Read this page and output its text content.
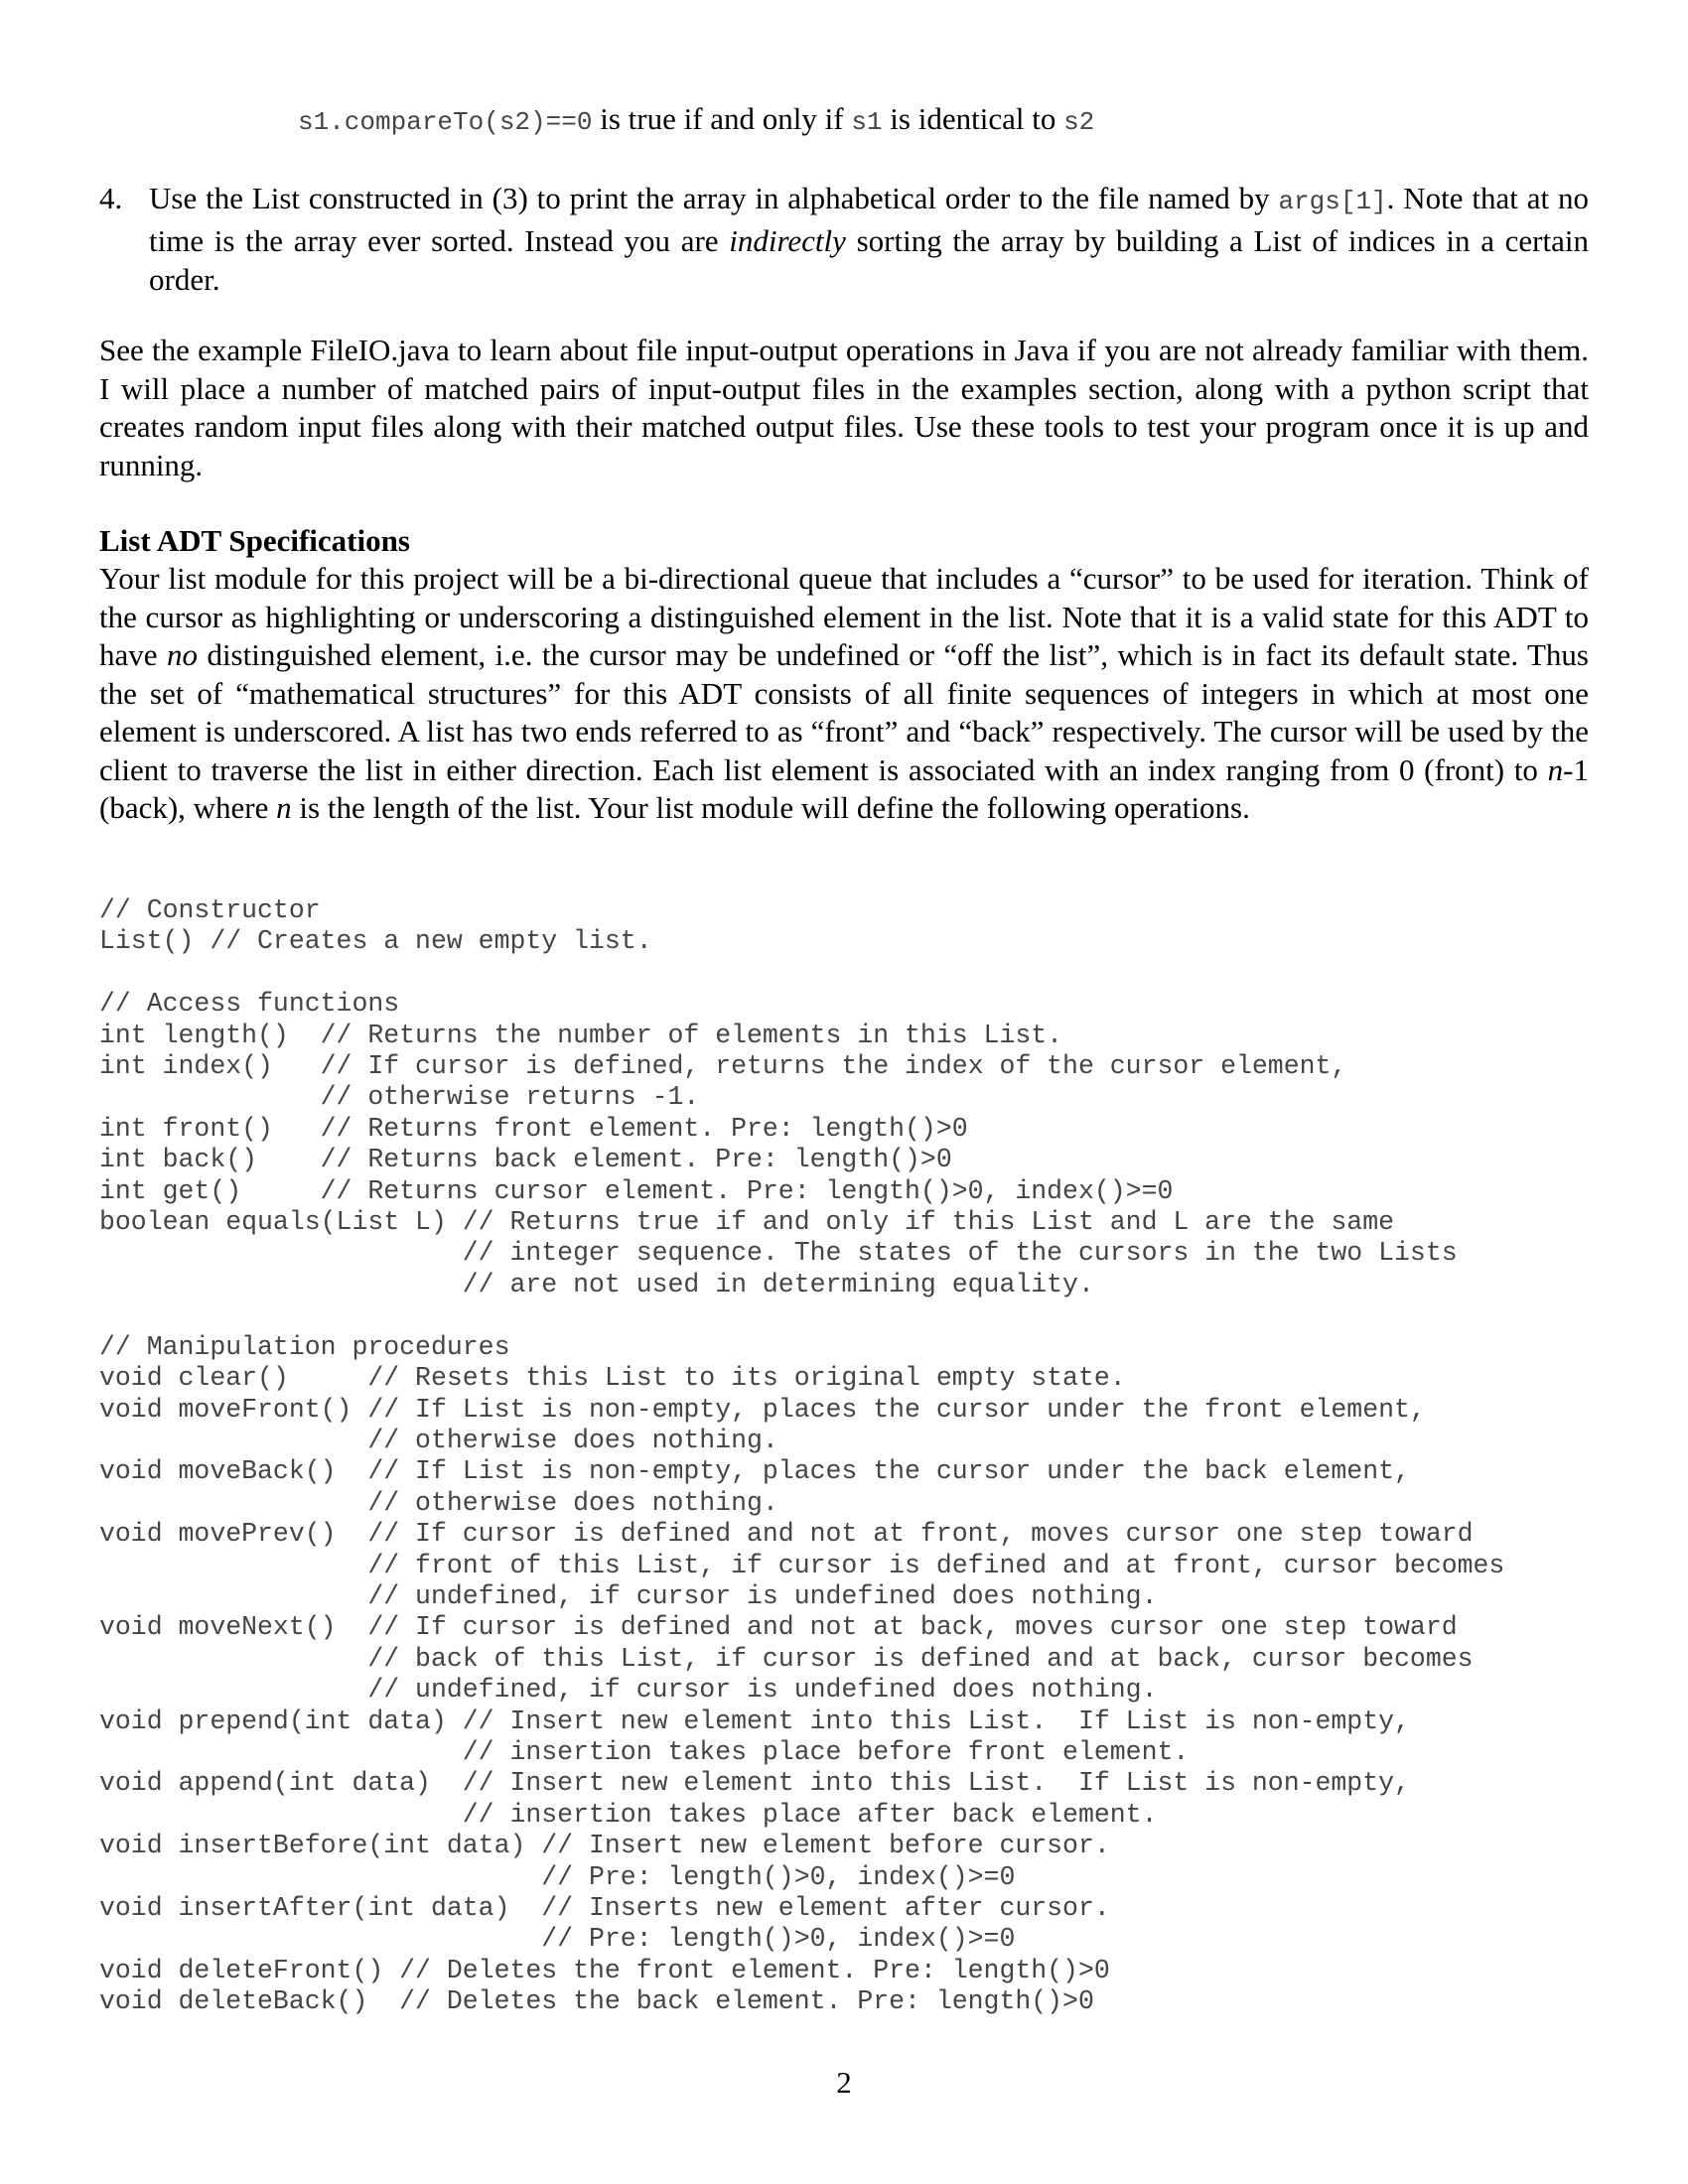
s1.compareTo(s2)==0 is true if and only if s1 is identical to s2
4. Use the List constructed in (3) to print the array in alphabetical order to the file named by args[1]. Note that at no time is the array ever sorted. Instead you are indirectly sorting the array by building a List of indices in a certain order.
See the example FileIO.java to learn about file input-output operations in Java if you are not already familiar with them. I will place a number of matched pairs of input-output files in the examples section, along with a python script that creates random input files along with their matched output files. Use these tools to test your program once it is up and running.
List ADT Specifications
Your list module for this project will be a bi-directional queue that includes a “cursor” to be used for iteration. Think of the cursor as highlighting or underscoring a distinguished element in the list. Note that it is a valid state for this ADT to have no distinguished element, i.e. the cursor may be undefined or “off the list”, which is in fact its default state. Thus the set of “mathematical structures” for this ADT consists of all finite sequences of integers in which at most one element is underscored. A list has two ends referred to as “front” and “back” respectively. The cursor will be used by the client to traverse the list in either direction. Each list element is associated with an index ranging from 0 (front) to n-1 (back), where n is the length of the list. Your list module will define the following operations.
// Constructor
List() // Creates a new empty list.

// Access functions
int length()  // Returns the number of elements in this List.
int index()   // If cursor is defined, returns the index of the cursor element,
// otherwise returns -1.
int front()   // Returns front element. Pre: length()>0
int back()    // Returns back element. Pre: length()>0
int get()     // Returns cursor element. Pre: length()>0, index()>=0
boolean equals(List L) // Returns true if and only if this List and L are the same
// integer sequence. The states of the cursors in the two Lists
// are not used in determining equality.

// Manipulation procedures
void clear()     // Resets this List to its original empty state.
void moveFront() // If List is non-empty, places the cursor under the front element,
// otherwise does nothing.
void moveBack()  // If List is non-empty, places the cursor under the back element,
// otherwise does nothing.
void movePrev()  // If cursor is defined and not at front, moves cursor one step toward
// front of this List, if cursor is defined and at front, cursor becomes
// undefined, if cursor is undefined does nothing.
void moveNext()  // If cursor is defined and not at back, moves cursor one step toward
// back of this List, if cursor is defined and at back, cursor becomes
// undefined, if cursor is undefined does nothing.
void prepend(int data) // Insert new element into this List.  If List is non-empty,
// insertion takes place before front element.
void append(int data)  // Insert new element into this List.  If List is non-empty,
// insertion takes place after back element.
void insertBefore(int data) // Insert new element before cursor.
// Pre: length()>0, index()>=0
void insertAfter(int data)  // Inserts new element after cursor.
// Pre: length()>0, index()>=0
void deleteFront() // Deletes the front element. Pre: length()>0
void deleteBack()  // Deletes the back element. Pre: length()>0
2
